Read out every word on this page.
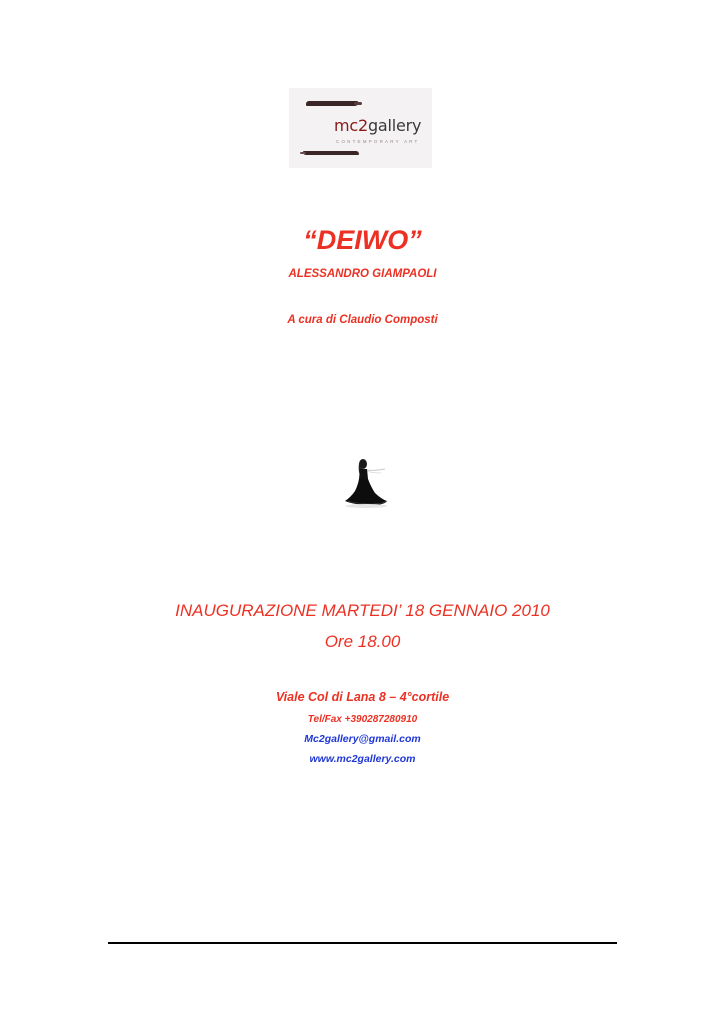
mc2gallery
CONTEMPORARY ART
“DEIWO”
ALESSANDRO GIAMPAOLI
A cura di Claudio Composti
INAUGURAZIONE MARTEDI’ 18 GENNAIO 2010
Ore 18.00
Viale Col di Lana 8 – 4°cortile
Tel/Fax +390287280910
Mc2gallery@gmail.com
www.mc2gallery.com
